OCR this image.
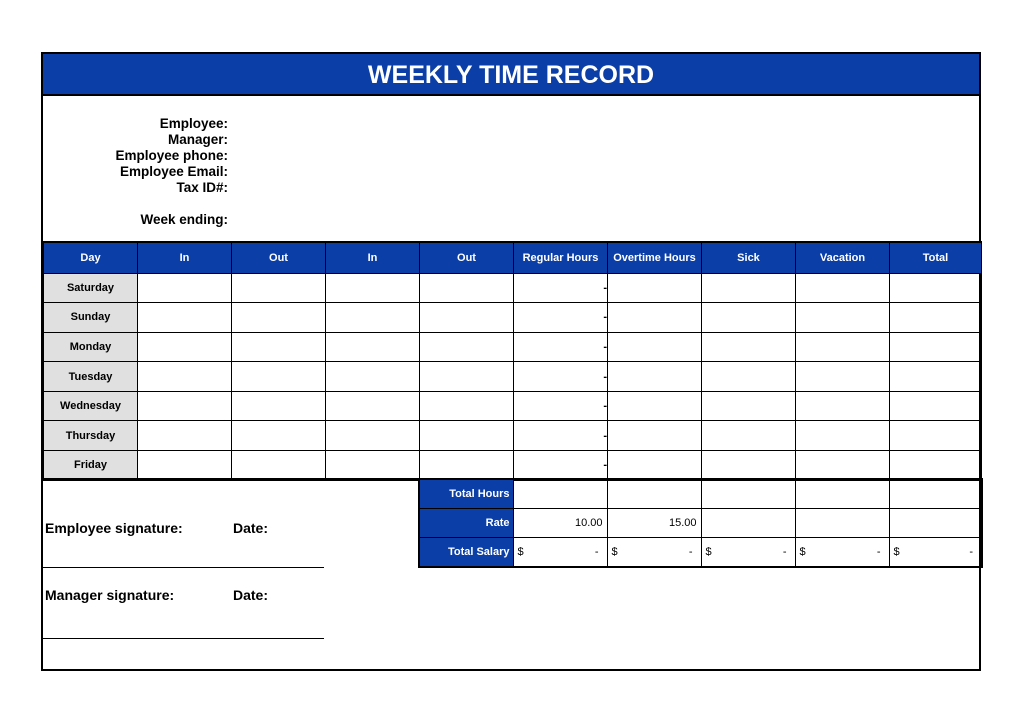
WEEKLY TIME RECORD
Employee:
Manager:
Employee phone:
Employee Email:
Tax ID#:
Week ending:
Day	In	Out	In	Out	Regular Hours	Overtime Hours	Sick	Vacation	Total
Saturday					-				
Sunday					-				
Monday					-				
Tuesday					-				
Wednesday					-				
Thursday					-				
Friday					-				
Total Hours					
Rate	10.00	15.00			
Total Salary	$ -	$ -	$ -	$ -	$ -
Employee signature:	Date:
Manager signature:	Date:
